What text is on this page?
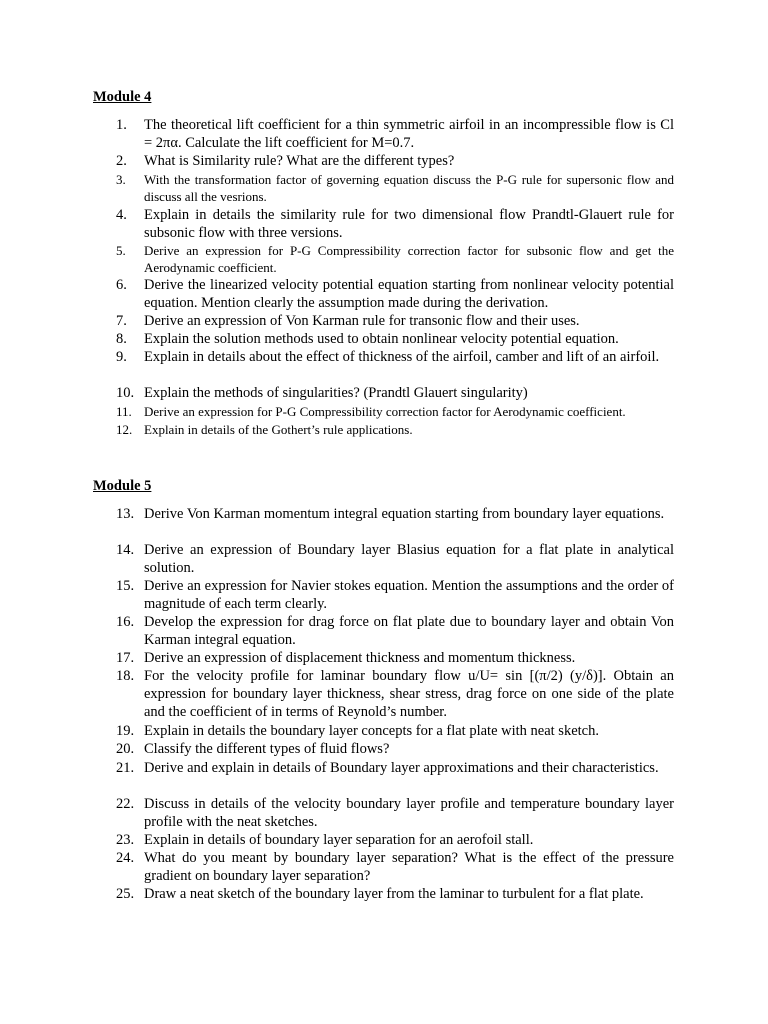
Module 4
1. The theoretical lift coefficient for a thin symmetric airfoil in an incompressible flow is Cl = 2πα. Calculate the lift coefficient for M=0.7.
2. What is Similarity rule? What are the different types?
3. With the transformation factor of governing equation discuss the P-G rule for supersonic flow and discuss all the vesrions.
4. Explain in details the similarity rule for two dimensional flow Prandtl-Glauert rule for subsonic flow with three versions.
5. Derive an expression for P-G Compressibility correction factor for subsonic flow and get the Aerodynamic coefficient.
6. Derive the linearized velocity potential equation starting from nonlinear velocity potential equation. Mention clearly the assumption made during the derivation.
7. Derive an expression of Von Karman rule for transonic flow and their uses.
8. Explain the solution methods used to obtain nonlinear velocity potential equation.
9. Explain in details about the effect of thickness of the airfoil, camber and lift of an airfoil.
10. Explain the methods of singularities? (Prandtl Glauert singularity)
11. Derive an expression for P-G Compressibility correction factor for Aerodynamic coefficient.
12. Explain in details of the Gothert’s rule applications.
Module 5
13. Derive Von Karman momentum integral equation starting from boundary layer equations.
14. Derive an expression of Boundary layer Blasius equation for a flat plate in analytical solution.
15. Derive an expression for Navier stokes equation. Mention the assumptions and the order of magnitude of each term clearly.
16. Develop the expression for drag force on flat plate due to boundary layer and obtain Von Karman integral equation.
17. Derive an expression of displacement thickness and momentum thickness.
18. For the velocity profile for laminar boundary flow u/U= sin [(π/2) (y/δ)]. Obtain an expression for boundary layer thickness, shear stress, drag force on one side of the plate and the coefficient of in terms of Reynold’s number.
19. Explain in details the boundary layer concepts for a flat plate with neat sketch.
20. Classify the different types of fluid flows?
21. Derive and explain in details of Boundary layer approximations and their characteristics.
22. Discuss in details of the velocity boundary layer profile and temperature boundary layer profile with the neat sketches.
23. Explain in details of boundary layer separation for an aerofoil stall.
24. What do you meant by boundary layer separation? What is the effect of the pressure gradient on boundary layer separation?
25. Draw a neat sketch of the boundary layer from the laminar to turbulent for a flat plate.
